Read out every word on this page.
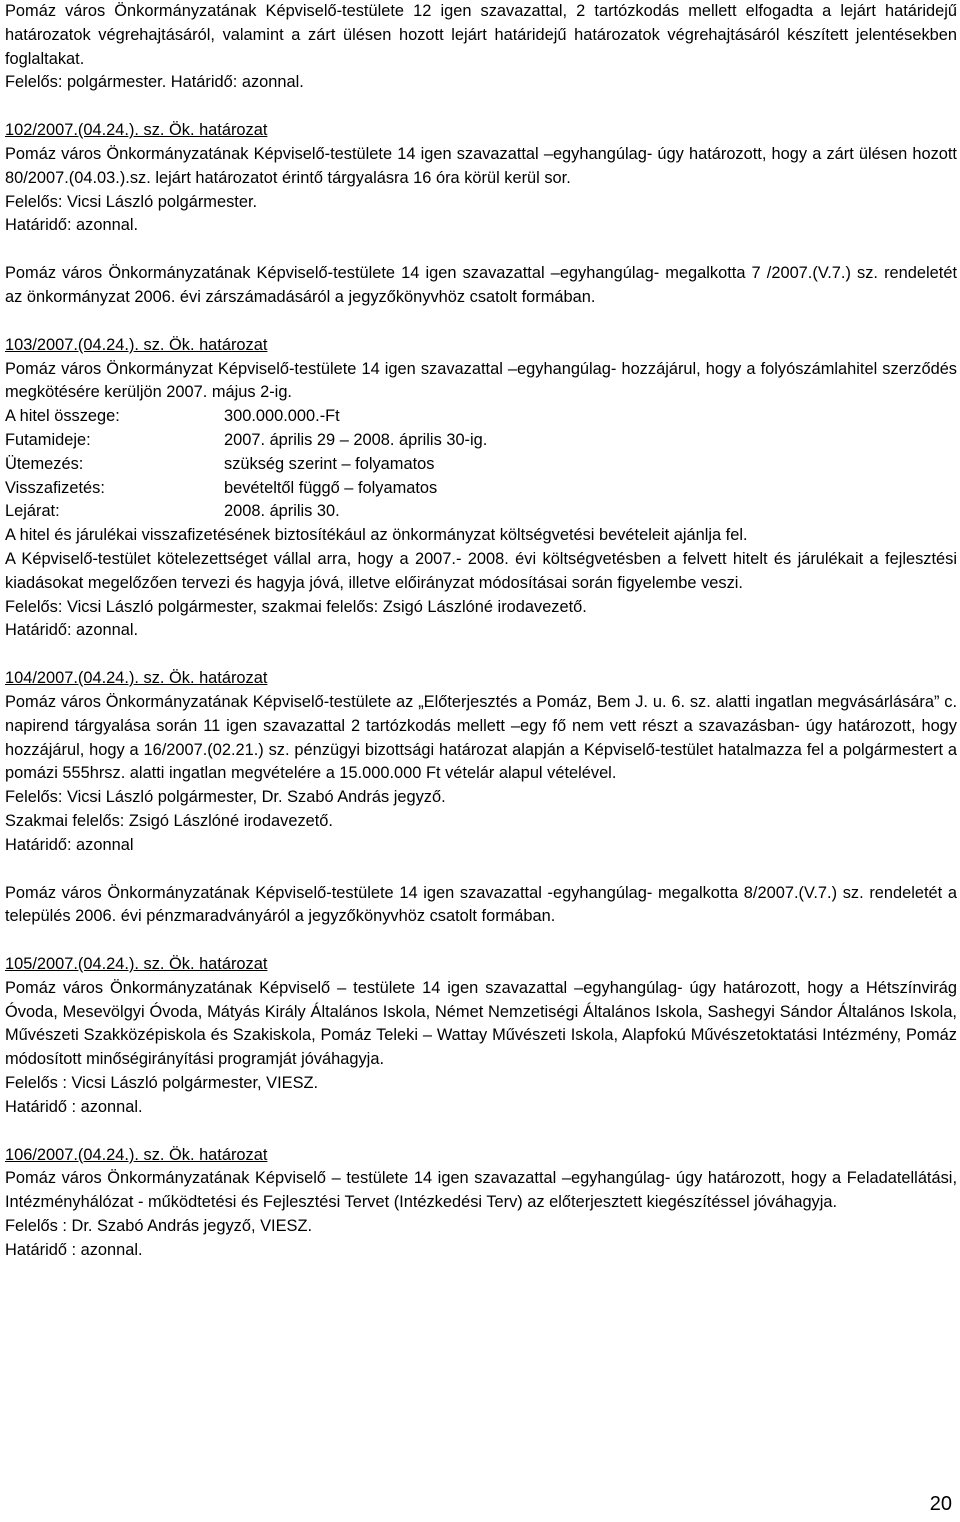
Pomáz város Önkormányzatának Képviselő-testülete 12 igen szavazattal, 2 tartózkodás mellett elfogadta a lejárt határidejű határozatok végrehajtásáról, valamint a zárt ülésen hozott lejárt határidejű határozatok végrehajtásáról készített jelentésekben foglaltakat.

Felelős: polgármester. Határidő: azonnal.

102/2007.(04.24.). sz. Ök. határozat

Pomáz város Önkormányzatának Képviselő-testülete 14 igen szavazattal –egyhangúlag- úgy határozott, hogy a zárt ülésen hozott 80/2007.(04.03.).sz. lejárt határozatot érintő tárgyalásra 16 óra körül kerül sor.

Felelős: Vicsi László polgármester.

Határidő: azonnal.

Pomáz város Önkormányzatának Képviselő-testülete 14 igen szavazattal –egyhangúlag- megalkotta 7 /2007.(V.7.) sz. rendeletét az önkormányzat 2006. évi zárszámadásáról a jegyzőkönyvhöz csatolt formában.

103/2007.(04.24.). sz. Ök. határozat

Pomáz város Önkormányzat Képviselő-testülete 14 igen szavazattal –egyhangúlag- hozzájárul, hogy a folyószámlahitel szerződés megkötésére kerüljön 2007. május 2-ig.

A hitel összege:	300.000.000.-Ft
Futamideje:	2007. április 29 – 2008. április 30-ig.
Ütemezés:	szükség szerint – folyamatos
Visszafizetés:	bevételtől függő – folyamatos
Lejárat:	2008. április 30.

A hitel és járulékai visszafizetésének biztosítékául az önkormányzat költségvetési bevételeit ajánlja fel.

A Képviselő-testület kötelezettséget vállal arra, hogy a 2007.- 2008. évi költségvetésben a felvett hitelt és járulékait a fejlesztési kiadásokat megelőzően tervezi és hagyja jóvá, illetve előirányzat módosításai során figyelembe veszi.

Felelős: Vicsi László polgármester, szakmai felelős: Zsigó Lászlóné irodavezető.

Határidő: azonnal.

104/2007.(04.24.). sz. Ök. határozat

Pomáz város Önkormányzatának Képviselő-testülete az „Előterjesztés a Pomáz, Bem J. u. 6. sz. alatti ingatlan megvásárlására” c. napirend tárgyalása során 11 igen szavazattal 2 tartózkodás mellett –egy fő nem vett részt a szavazásban- úgy határozott, hogy hozzájárul, hogy a 16/2007.(02.21.) sz. pénzügyi bizottsági határozat alapján a Képviselő-testület hatalmazza fel a polgármestert a pomázi 555hrsz. alatti ingatlan megvételére a 15.000.000 Ft vételár alapul vételével.

Felelős: Vicsi László polgármester, Dr. Szabó András jegyző.

Szakmai felelős: Zsigó Lászlóné irodavezető.

Határidő: azonnal

Pomáz város Önkormányzatának Képviselő-testülete 14 igen szavazattal -egyhangúlag- megalkotta 8/2007.(V.7.) sz. rendeletét a település 2006. évi pénzmaradványáról a jegyzőkönyvhöz csatolt formában.

105/2007.(04.24.). sz. Ök. határozat

Pomáz város Önkormányzatának Képviselő – testülete 14 igen szavazattal –egyhangúlag- úgy határozott, hogy a Hétszínvirág Óvoda, Mesevölgyi Óvoda, Mátyás Király Általános Iskola, Német Nemzetiségi Általános Iskola, Sashegyi Sándor Általános Iskola, Művészeti Szakközépiskola és Szakiskola, Pomáz Teleki – Wattay Művészeti Iskola, Alapfokú Művészetoktatási Intézmény, Pomáz módosított minőségirányítási programját jóváhagyja.

Felelős : Vicsi László polgármester, VIESZ.

Határidő : azonnal.

106/2007.(04.24.). sz. Ök. határozat

Pomáz város Önkormányzatának Képviselő – testülete 14 igen szavazattal –egyhangúlag- úgy határozott, hogy a Feladatellátási, Intézményhálózat - működtetési és Fejlesztési Tervet (Intézkedési Terv) az előterjesztett kiegészítéssel jóváhagyja.

Felelős : Dr. Szabó András jegyző, VIESZ.

Határidő : azonnal.

20
